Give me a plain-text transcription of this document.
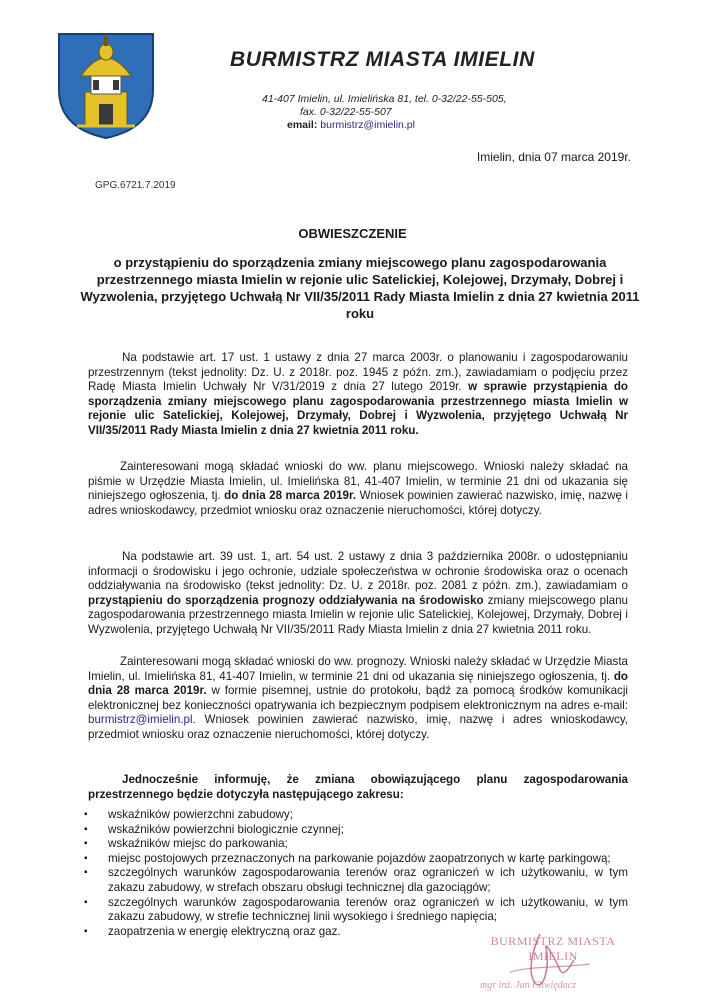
BURMISTRZ MIASTA IMIELIN
41-407 Imielin, ul. Imielińska 81, tel. 0-32/22-55-505,
fax. 0-32/22-55-507
email: burmistrz@imielin.pl
Imielin, dnia 07 marca 2019r.
GPG.6721.7.2019
OBWIESZCZENIE
o przystąpieniu do sporządzenia zmiany miejscowego planu zagospodarowania przestrzennego miasta Imielin w rejonie ulic Satelickiej, Kolejowej, Drzymały, Dobrej i Wyzwolenia, przyjętego Uchwałą Nr VII/35/2011 Rady Miasta Imielin z dnia 27 kwietnia 2011 roku
Na podstawie art. 17 ust. 1 ustawy z dnia 27 marca 2003r. o planowaniu i zagospodarowaniu przestrzennym (tekst jednolity: Dz. U. z 2018r. poz. 1945 z późn. zm.), zawiadamiam o podjęciu przez Radę Miasta Imielin Uchwały Nr V/31/2019 z dnia 27 lutego 2019r. w sprawie przystąpienia do sporządzenia zmiany miejscowego planu zagospodarowania przestrzennego miasta Imielin w rejonie ulic Satelickiej, Kolejowej, Drzymały, Dobrej i Wyzwolenia, przyjętego Uchwałą Nr VII/35/2011 Rady Miasta Imielin z dnia 27 kwietnia 2011 roku.
Zainteresowani mogą składać wnioski do ww. planu miejscowego. Wnioski należy składać na piśmie w Urzędzie Miasta Imielin, ul. Imielińska 81, 41-407 Imielin, w terminie 21 dni od ukazania się niniejszego ogłoszenia, tj. do dnia 28 marca 2019r. Wniosek powinien zawierać nazwisko, imię, nazwę i adres wnioskodawcy, przedmiot wniosku oraz oznaczenie nieruchomości, której dotyczy.
Na podstawie art. 39 ust. 1, art. 54 ust. 2 ustawy z dnia 3 października 2008r. o udostępnianiu informacji o środowisku i jego ochronie, udziale społeczeństwa w ochronie środowiska oraz o ocenach oddziaływania na środowisko (tekst jednolity: Dz. U. z 2018r. poz. 2081 z późn. zm.), zawiadamiam o przystąpieniu do sporządzenia prognozy oddziaływania na środowisko zmiany miejscowego planu zagospodarowania przestrzennego miasta Imielin w rejonie ulic Satelickiej, Kolejowej, Drzymały, Dobrej i Wyzwolenia, przyjętego Uchwałą Nr VII/35/2011 Rady Miasta Imielin z dnia 27 kwietnia 2011 roku.
Zainteresowani mogą składać wnioski do ww. prognozy. Wnioski należy składać w Urzędzie Miasta Imielin, ul. Imielińska 81, 41-407 Imielin, w terminie 21 dni od ukazania się niniejszego ogłoszenia, tj. do dnia 28 marca 2019r. w formie pisemnej, ustnie do protokołu, bądź za pomocą środków komunikacji elektronicznej bez konieczności opatrywania ich bezpiecznym podpisem elektronicznym na adres e-mail: burmistrz@imielin.pl. Wniosek powinien zawierać nazwisko, imię, nazwę i adres wnioskodawcy, przedmiot wniosku oraz oznaczenie nieruchomości, której dotyczy.
Jednocześnie informuję, że zmiana obowiązującego planu zagospodarowania przestrzennego będzie dotyczyła następującego zakresu:
▪ wskaźników powierzchni zabudowy;
▪ wskaźników powierzchni biologicznie czynnej;
▪ wskaźników miejsc do parkowania;
▪ miejsc postojowych przeznaczonych na parkowanie pojazdów zaopatrzonych w kartę parkingową;
▪ szczególnych warunków zagospodarowania terenów oraz ograniczeń w ich użytkowaniu, w tym zakazu zabudowy, w strefach obszaru obsługi technicznej dla gazociągów;
▪ szczególnych warunków zagospodarowania terenów oraz ograniczeń w ich użytkowaniu, w tym zakazu zabudowy, w strefie technicznej linii wysokiego i średniego napięcia;
▪ zaopatrzenia w energię elektryczną oraz gaz.
BURMISTRZ MIASTA
IMIELIN
mgr inż. Jan Chwiędacz
